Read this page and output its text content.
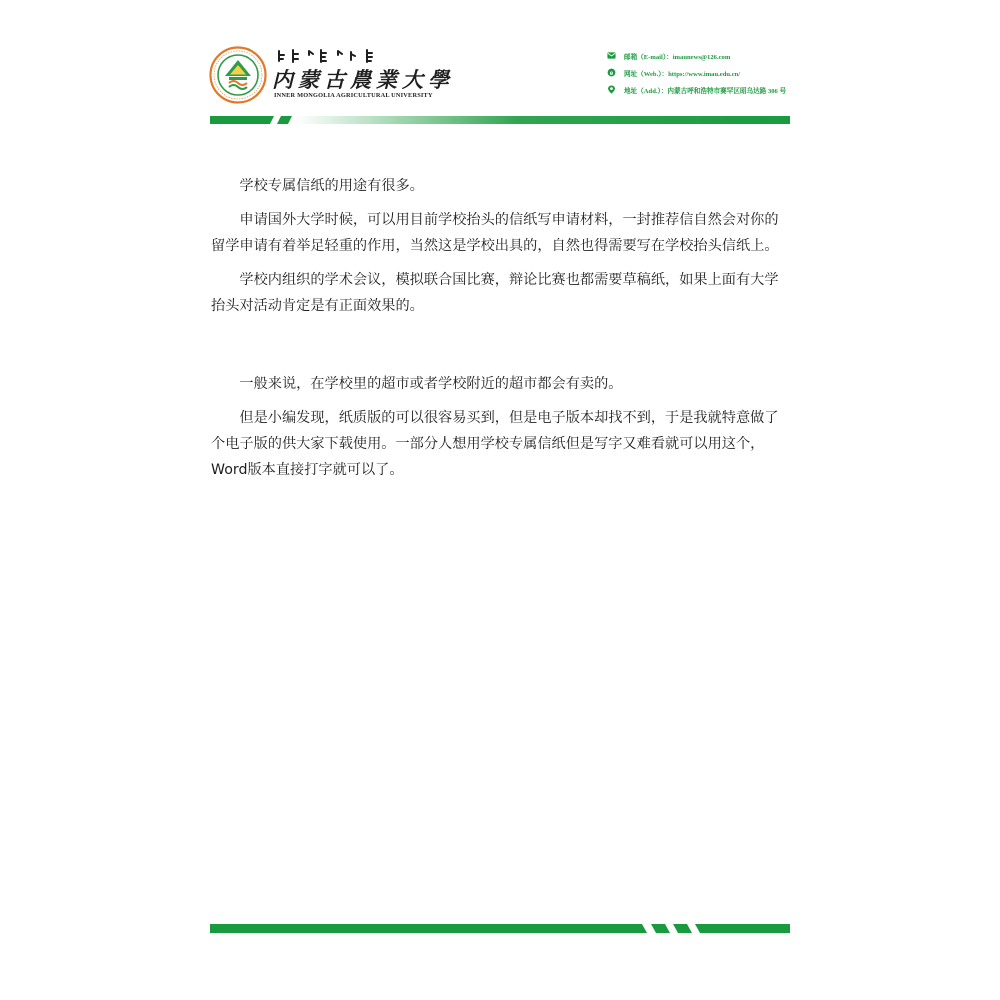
内蒙古農業大學
INNER MONGOLIA AGRICULTURAL UNIVERSITY
邮箱（E-mail）：imaunews@126.com
e 网址（Web.）：https://www.imau.edu.cn/
地址（Add.）：内蒙古呼和浩特市赛罕区昭乌达路 306 号

学校专属信纸的用途有很多。

申请国外大学时候，可以用目前学校抬头的信纸写申请材料，一封推荐信自然会对你的留学申请有着举足轻重的作用，当然这是学校出具的，自然也得需要写在学校抬头信纸上。

学校内组织的学术会议，模拟联合国比赛，辩论比赛也都需要草稿纸，如果上面有大学抬头对活动肯定是有正面效果的。

一般来说，在学校里的超市或者学校附近的超市都会有卖的。

但是小编发现，纸质版的可以很容易买到，但是电子版本却找不到，于是我就特意做了个电子版的供大家下载使用。一部分人想用学校专属信纸但是写字又难看就可以用这个，Word版本直接打字就可以了。
